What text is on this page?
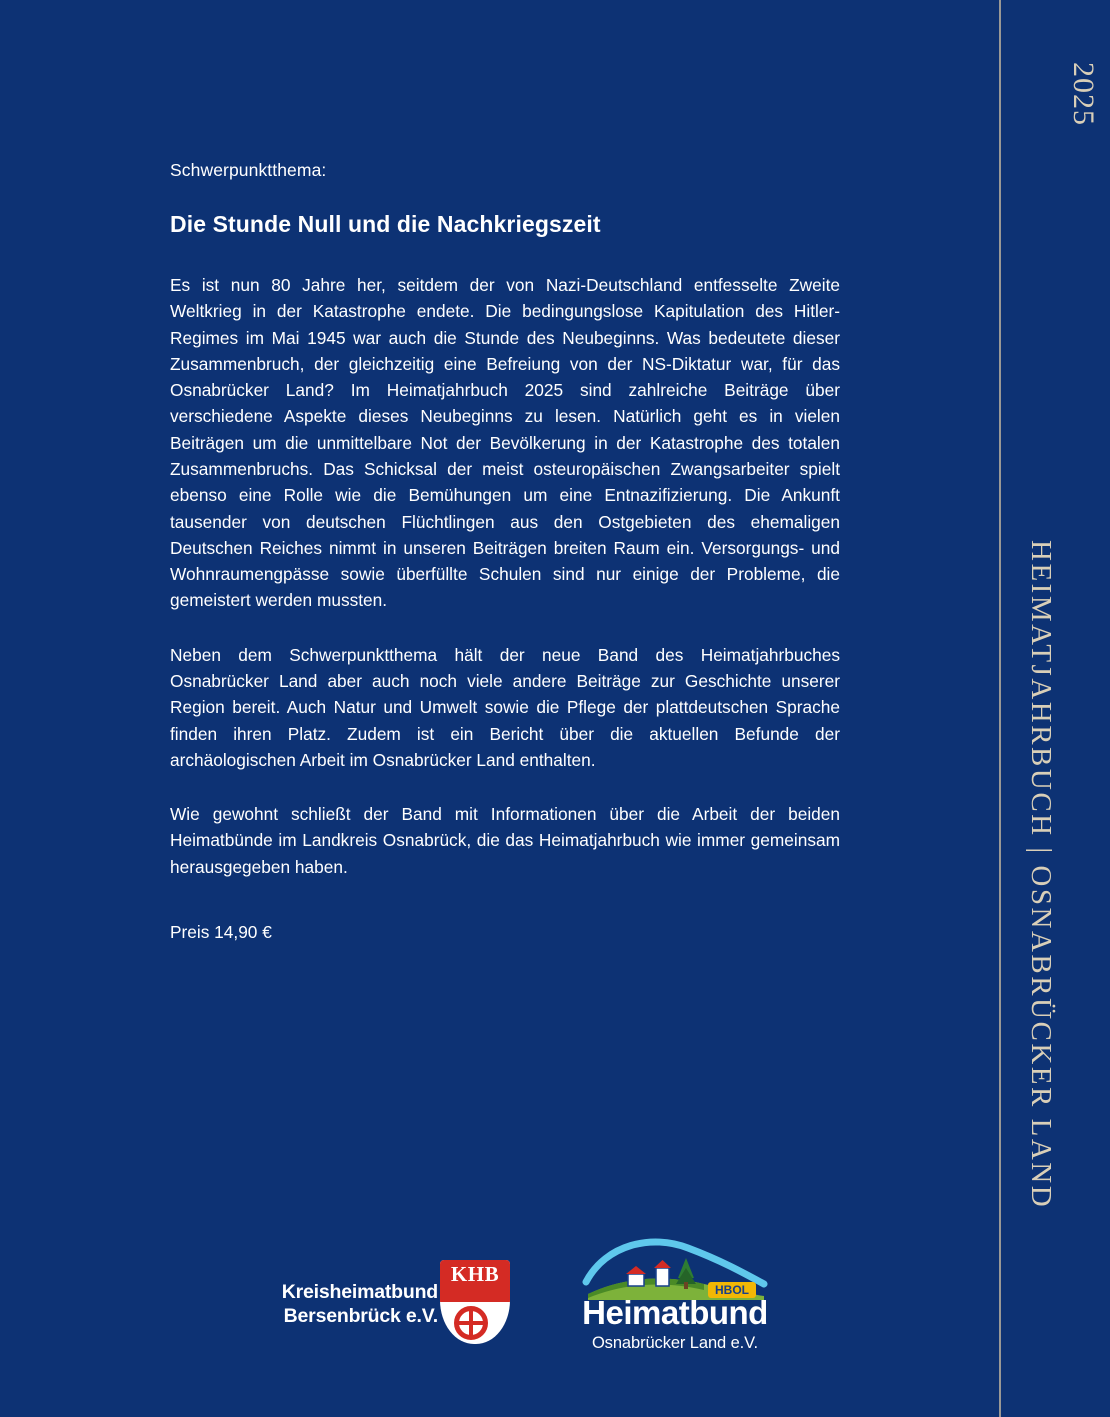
2025
HEIMATJAHRBUCH | OSNABRÜCKER LAND
Schwerpunktthema:
Die Stunde Null und die Nachkriegszeit

Es ist nun 80 Jahre her, seitdem der von Nazi-Deutschland entfesselte Zweite Weltkrieg in der Katastrophe endete. Die bedingungslose Kapitulation des Hitler-Regimes im Mai 1945 war auch die Stunde des Neubeginns. Was bedeutete dieser Zusammenbruch, der gleichzeitig eine Befreiung von der NS-Diktatur war, für das Osnabrücker Land? Im Heimatjahrbuch 2025 sind zahlreiche Beiträge über verschiedene Aspekte dieses Neubeginns zu lesen. Natürlich geht es in vielen Beiträgen um die unmittelbare Not der Bevölkerung in der Katastrophe des totalen Zusammenbruchs. Das Schicksal der meist osteuropäischen Zwangsarbeiter spielt ebenso eine Rolle wie die Bemühungen um eine Entnazifizierung. Die Ankunft tausender von deutschen Flüchtlingen aus den Ostgebieten des ehemaligen Deutschen Reiches nimmt in unseren Beiträgen breiten Raum ein. Versorgungs- und Wohnraumengpässe sowie überfüllte Schulen sind nur einige der Probleme, die gemeistert werden mussten.

Neben dem Schwerpunktthema hält der neue Band des Heimatjahrbuches Osnabrücker Land aber auch noch viele andere Beiträge zur Geschichte unserer Region bereit. Auch Natur und Umwelt sowie die Pflege der plattdeutschen Sprache finden ihren Platz. Zudem ist ein Bericht über die aktuellen Befunde der archäologischen Arbeit im Osnabrücker Land enthalten.

Wie gewohnt schließt der Band mit Informationen über die Arbeit der beiden Heimatbünde im Landkreis Osnabrück, die das Heimatjahrbuch wie immer gemeinsam herausgegeben haben.

Preis 14,90 €
Kreisheimatbund
Bersenbrück e.V.
KHB
HBOL
Heimatbund
Osnabrücker Land e.V.
